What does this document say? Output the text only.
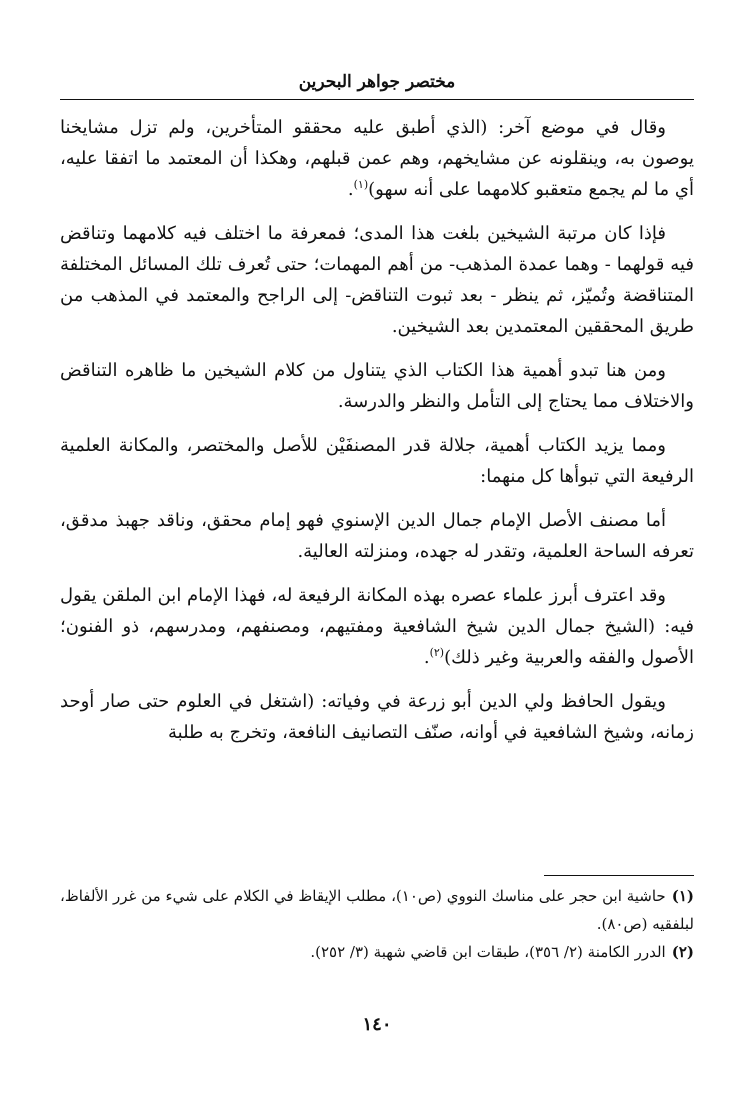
مختصر جواهر البحرين

وقال في موضع آخر: (الذي أطبق عليه محققو المتأخرين، ولم تزل مشايخنا يوصون به، وينقلونه عن مشايخهم، وهم عمن قبلهم، وهكذا أن المعتمد ما اتفقا عليه، أي ما لم يجمع متعقبو كلامهما على أنه سهو)$^{(١)}$.

فإذا كان مرتبة الشيخين بلغت هذا المدى؛ فمعرفة ما اختلف فيه كلامهما وتناقض فيه قولهما - وهما عمدة المذهب- من أهم المهمات؛ حتى تُعرف تلك المسائل المختلفة المتناقضة وتُميّز، ثم ينظر - بعد ثبوت التناقض- إلى الراجح والمعتمد في المذهب من طريق المحققين المعتمدين بعد الشيخين.

ومن هنا تبدو أهمية هذا الكتاب الذي يتناول من كلام الشيخين ما ظاهره التناقض والاختلاف مما يحتاج إلى التأمل والنظر والدرسة.

ومما يزيد الكتاب أهمية، جلالة قدر المصنفَيْن للأصل والمختصر، والمكانة العلمية الرفيعة التي تبوأها كل منهما:

أما مصنف الأصل الإمام جمال الدين الإسنوي فهو إمام محقق، وناقد جهبذ مدقق، تعرفه الساحة العلمية، وتقدر له جهده، ومنزلته العالية.

وقد اعترف أبرز علماء عصره بهذه المكانة الرفيعة له، فهذا الإمام ابن الملقن يقول فيه: (الشيخ جمال الدين شيخ الشافعية ومفتيهم، ومصنفهم، ومدرسهم، ذو الفنون؛ الأصول والفقه والعربية وغير ذلك)$^{(٢)}$.

ويقول الحافظ ولي الدين أبو زرعة في وفياته: (اشتغل في العلوم حتى صار أوحد زمانه، وشيخ الشافعية في أوانه، صنّف التصانيف النافعة، وتخرج به طلبة

(١)حاشية ابن حجر على مناسك النووي (ص١٠)، مطلب الإيقاظ في الكلام على شيء من غرر الألفاظ، لبلفقيه (ص٨٠).

(٢)الدرر الكامنة (٢/ ٣٥٦)، طبقات ابن قاضي شهبة (٣/ ٢٥٢).

١٤٠
